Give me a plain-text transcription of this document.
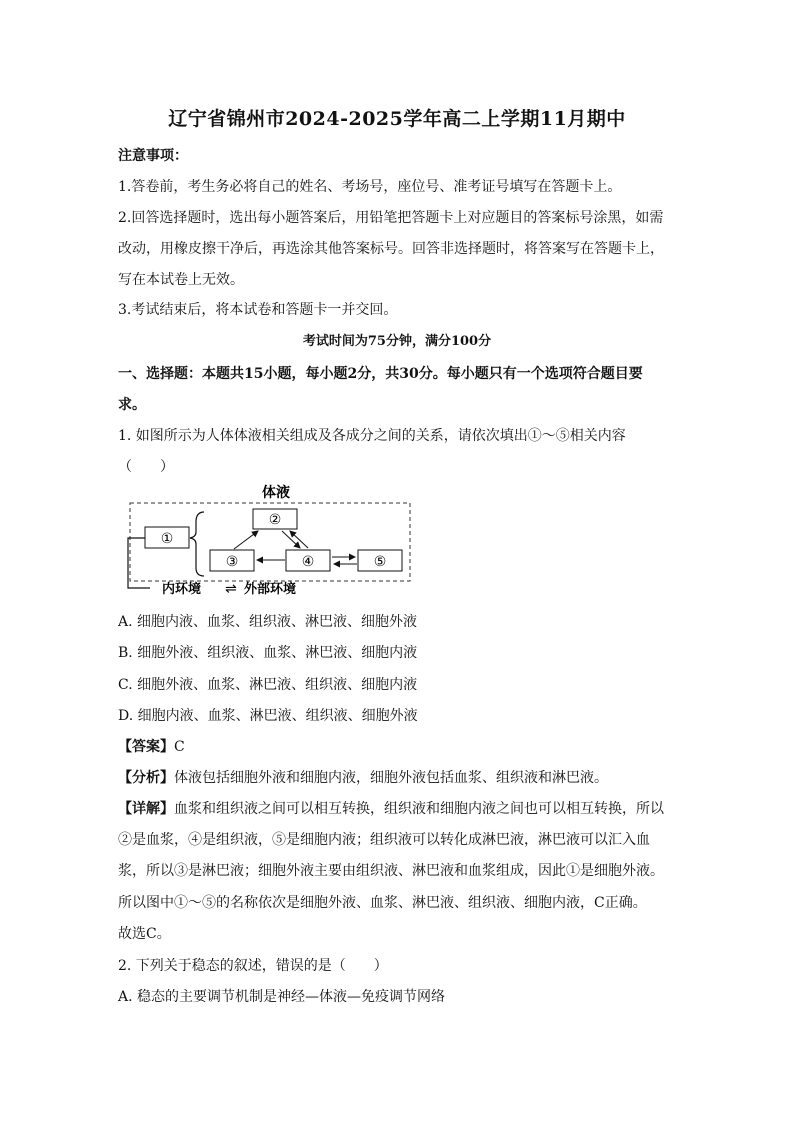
辽宁省锦州市2024-2025学年高二上学期11月期中
注意事项：
1.答卷前，考生务必将自己的姓名、考场号，座位号、准考证号填写在答题卡上。
2.回答选择题时，选出每小题答案后，用铅笔把答题卡上对应题目的答案标号涂黑，如需
改动，用橡皮擦干净后，再选涂其他答案标号。回答非选择题时，将答案写在答题卡上，
写在本试卷上无效。
3.考试结束后，将本试卷和答题卡一并交回。
考试时间为75分钟，满分100分
一、选择题：本题共15小题，每小题2分，共30分。每小题只有一个选项符合题目要
求。
1. 如图所示为人体体液相关组成及各成分之间的关系，请依次填出①～⑤相关内容
（　　）
体液
①
②
③	④	⑤
内环境 ⇌ 外部环境
A. 细胞内液、血浆、组织液、淋巴液、细胞外液
B. 细胞外液、组织液、血浆、淋巴液、细胞内液
C. 细胞外液、血浆、淋巴液、组织液、细胞内液
D. 细胞内液、血浆、淋巴液、组织液、细胞外液
【答案】C
【分析】体液包括细胞外液和细胞内液，细胞外液包括血浆、组织液和淋巴液。
【详解】血浆和组织液之间可以相互转换，组织液和细胞内液之间也可以相互转换，所以
②是血浆，④是组织液，⑤是细胞内液；组织液可以转化成淋巴液，淋巴液可以汇入血
浆，所以③是淋巴液；细胞外液主要由组织液、淋巴液和血浆组成，因此①是细胞外液。
所以图中①～⑤的名称依次是细胞外液、血浆、淋巴液、组织液、细胞内液，C正确。
故选C。
2. 下列关于稳态的叙述，错误的是（　　）
A. 稳态的主要调节机制是神经—体液—免疫调节网络
